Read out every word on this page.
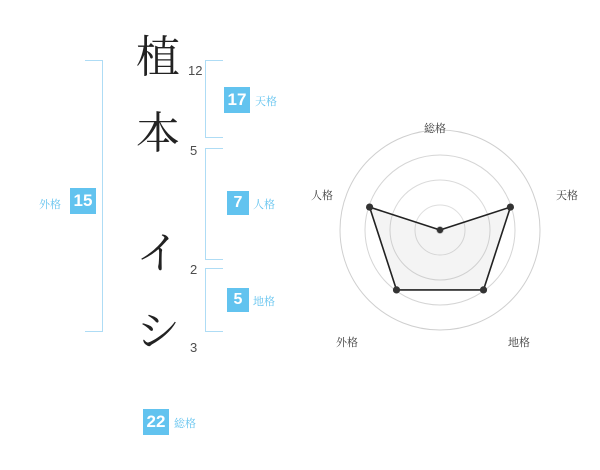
植
本
イ
シ
12
5
2
3
17 天格
7 人格
5 地格
外格 15
22 総格
総格
天格
地格
外格
人格
